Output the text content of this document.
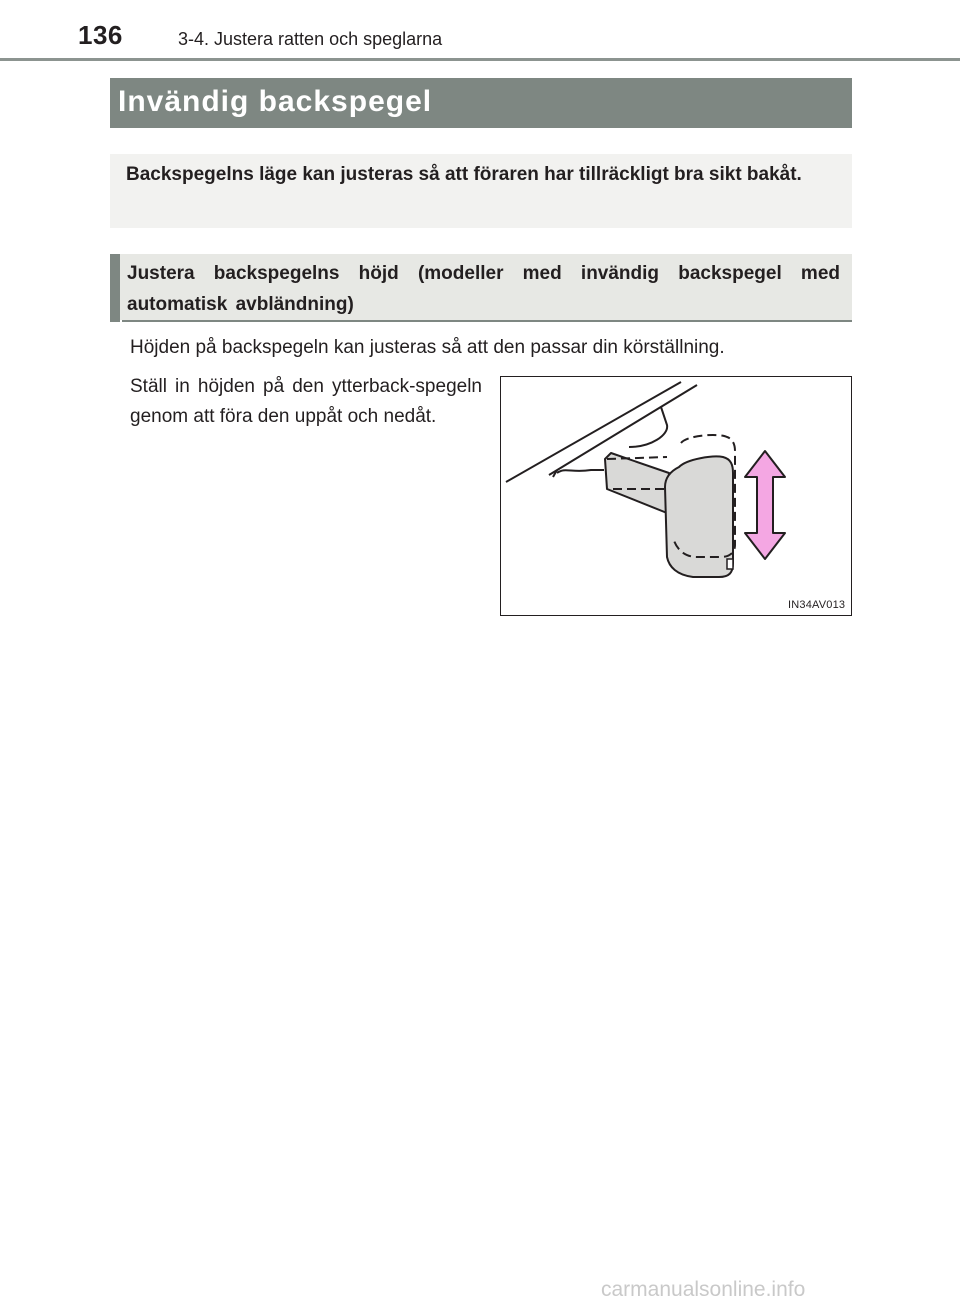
136	3-4. Justera ratten och speglarna
Invändig backspegel
Backspegelns läge kan justeras så att föraren har tillräckligt bra sikt bakåt.
Justera backspegelns höjd (modeller med invändig backspegel med automatisk avbländning)
Höjden på backspegeln kan justeras så att den passar din körställning.
Ställ in höjden på den ytterback-spegeln genom att föra den uppåt och nedåt.
IN34AV013
carmanualsonline.info
